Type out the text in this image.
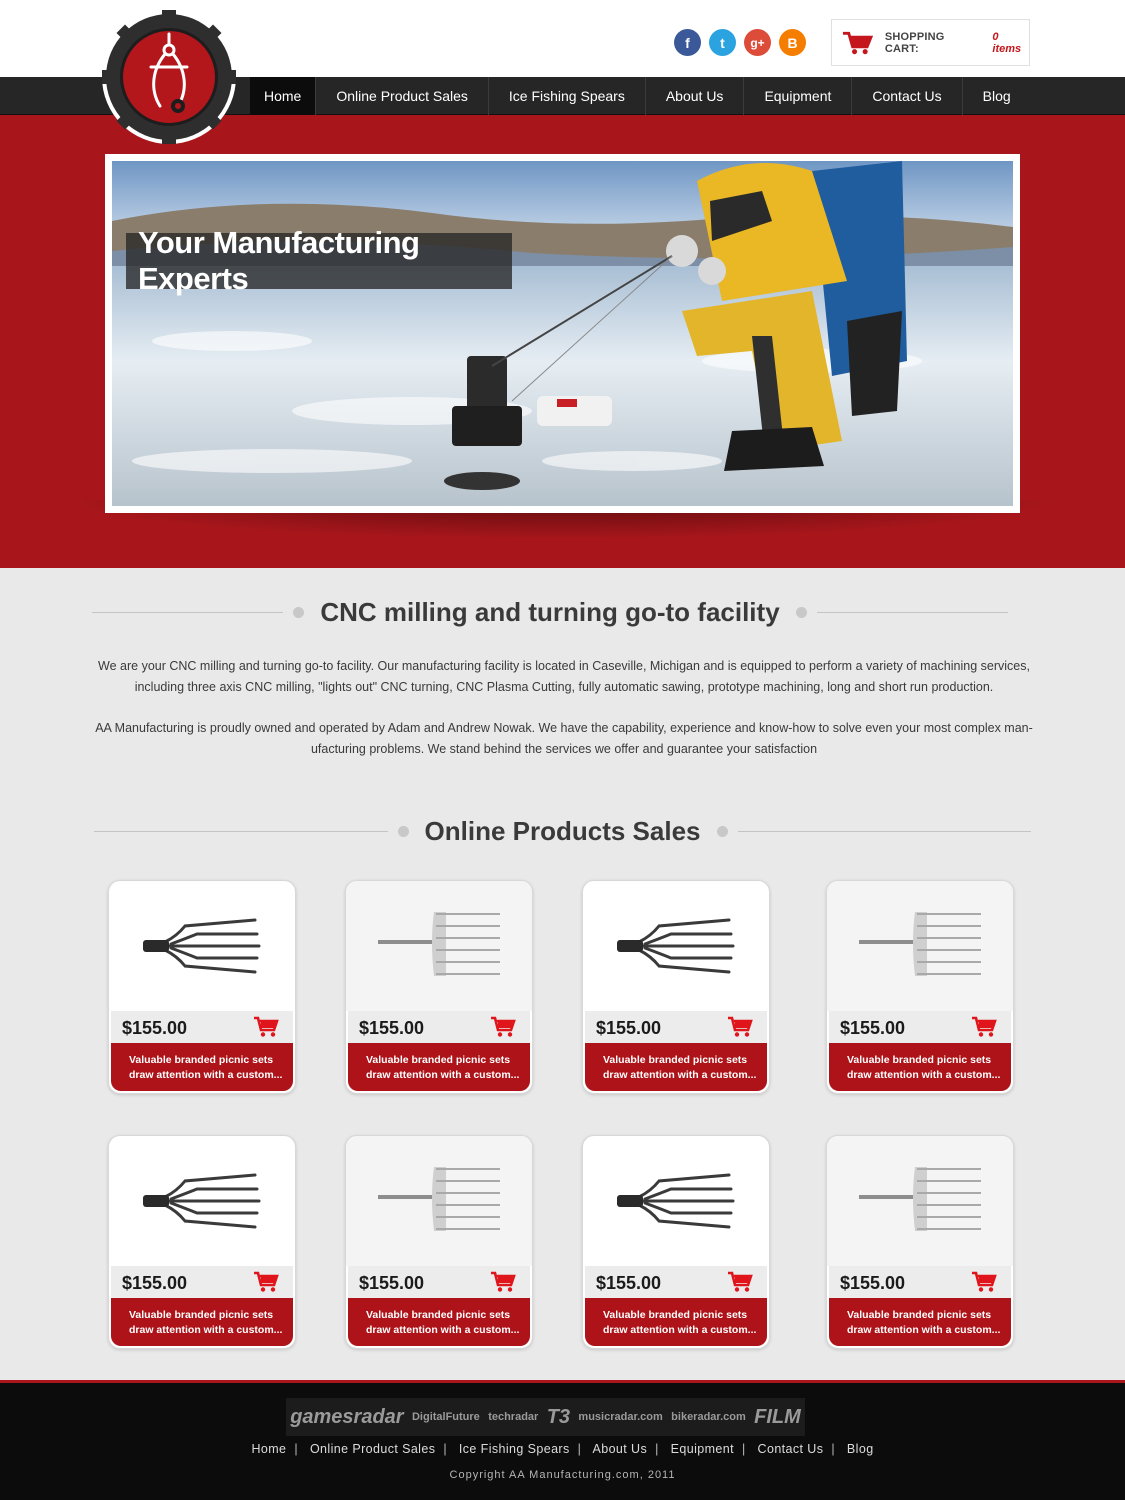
f	t	g+	B	SHOPPING CART:
0 items
Home	Online Product Sales	Ice Fishing Spears	About Us	Equipment	Contact Us	Blog
Your Manufacturing Experts
CNC milling and turning go-to facility

We are your CNC milling and turning go-to facility. Our manufacturing facility is located in Caseville, Michigan and is equipped to perform a variety of machining services, including three axis CNC milling, "lights out" CNC turning, CNC Plasma Cutting, fully automatic sawing, prototype machining, long and short run production.

AA Manufacturing is proudly owned and operated by Adam and Andrew Nowak. We have the capability, experience and know-how to solve even your most complex man-ufacturing problems. We stand behind the services we offer and guarantee your satisfaction

Online Products Sales
$155.00
Valuable branded picnic sets
draw attention with a custom...
$155.00
Valuable branded picnic sets
draw attention with a custom...
$155.00
Valuable branded picnic sets
draw attention with a custom...
$155.00
Valuable branded picnic sets
draw attention with a custom...
$155.00
Valuable branded picnic sets
draw attention with a custom...
$155.00
Valuable branded picnic sets
draw attention with a custom...
$155.00
Valuable branded picnic sets
draw attention with a custom...
$155.00
Valuable branded picnic sets
draw attention with a custom...
gamesradar DigitalFuture techradar T3 musicradar.com bikeradar.com FILM
Home | Online Product Sales | Ice Fishing Spears | About Us | Equipment | Contact Us | Blog
Copyright AA Manufacturing.com, 2011
